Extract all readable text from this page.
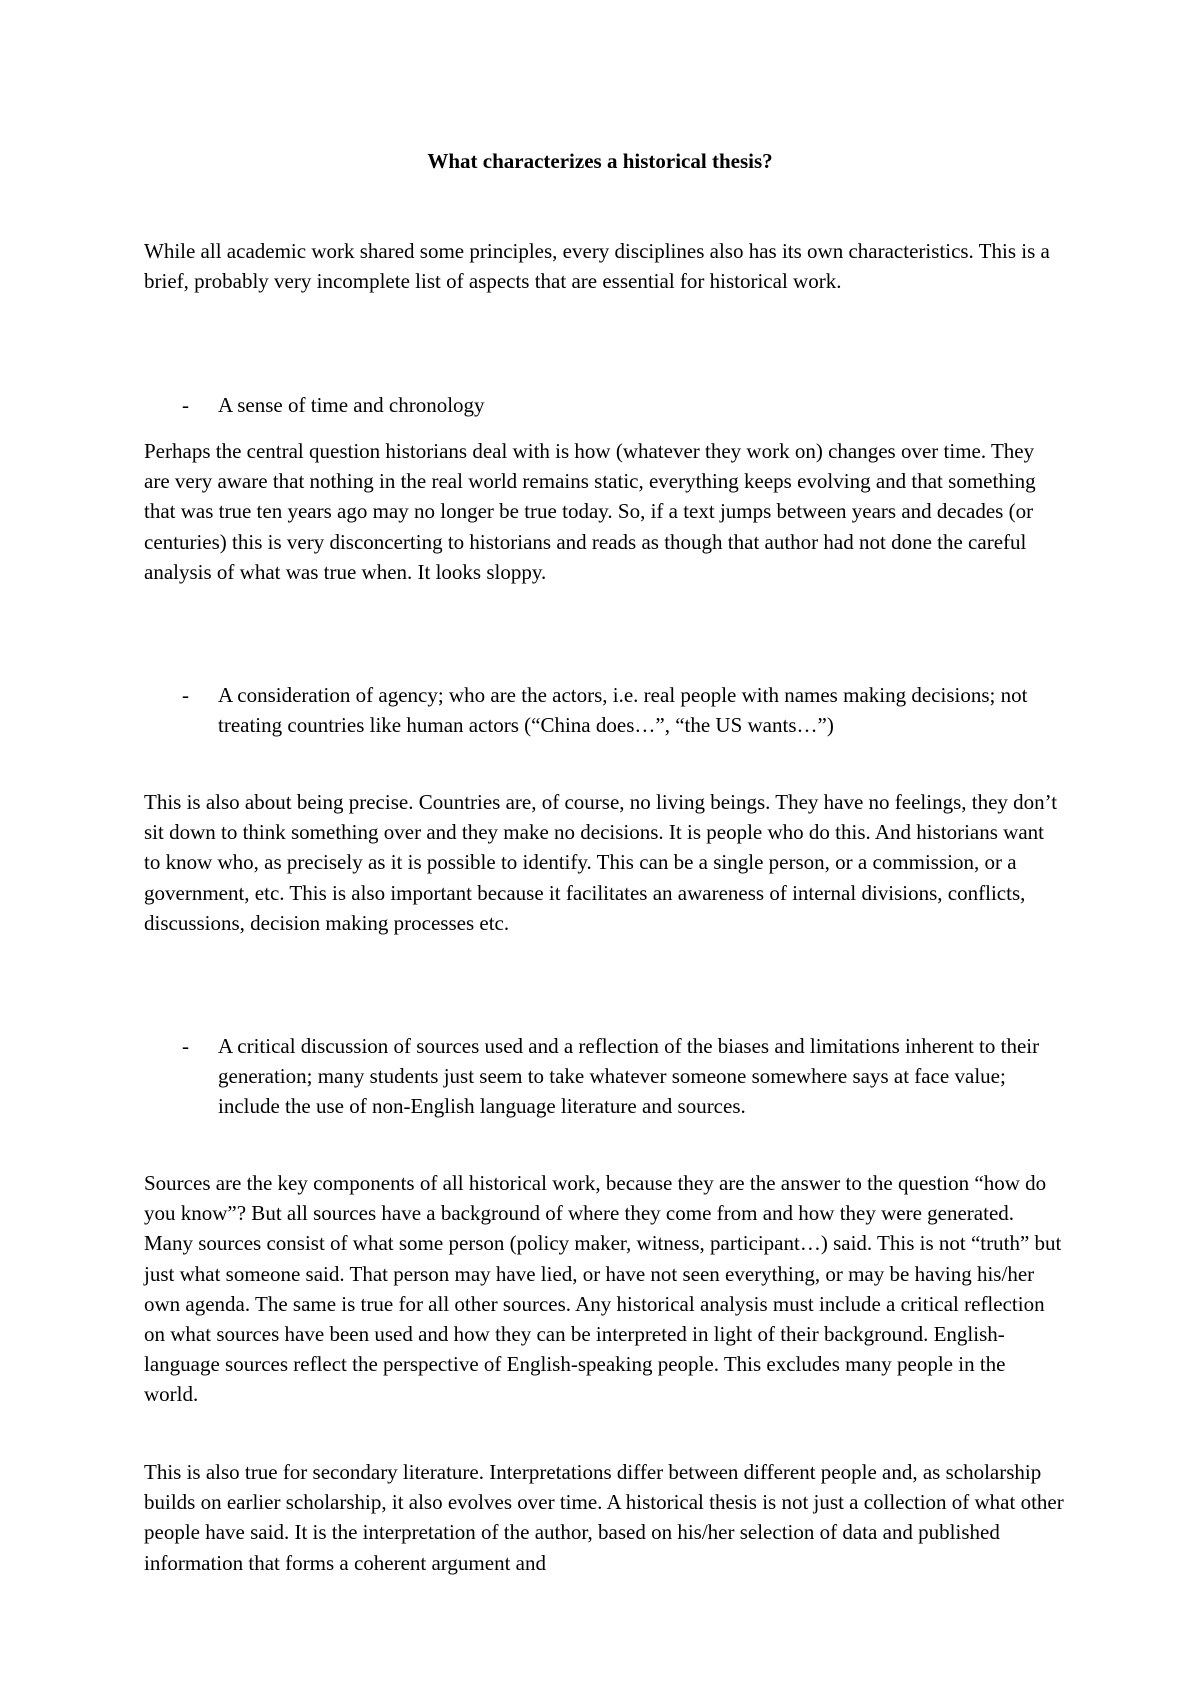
What characterizes a historical thesis?

While all academic work shared some principles, every disciplines also has its own characteristics. This is a brief, probably very incomplete list of aspects that are essential for historical work.

- A sense of time and chronology

Perhaps the central question historians deal with is how (whatever they work on) changes over time. They are very aware that nothing in the real world remains static, everything keeps evolving and that something that was true ten years ago may no longer be true today. So, if a text jumps between years and decades (or centuries) this is very disconcerting to historians and reads as though that author had not done the careful analysis of what was true when. It looks sloppy.

- A consideration of agency; who are the actors, i.e. real people with names making decisions; not treating countries like human actors (“China does…”, “the US wants…”)

This is also about being precise. Countries are, of course, no living beings. They have no feelings, they don’t sit down to think something over and they make no decisions. It is people who do this. And historians want to know who, as precisely as it is possible to identify. This can be a single person, or a commission, or a government, etc. This is also important because it facilitates an awareness of internal divisions, conflicts, discussions, decision making processes etc.

- A critical discussion of sources used and a reflection of the biases and limitations inherent to their generation; many students just seem to take whatever someone somewhere says at face value; include the use of non-English language literature and sources.

Sources are the key components of all historical work, because they are the answer to the question “how do you know”? But all sources have a background of where they come from and how they were generated. Many sources consist of what some person (policy maker, witness, participant…) said. This is not “truth” but just what someone said. That person may have lied, or have not seen everything, or may be having his/her own agenda. The same is true for all other sources. Any historical analysis must include a critical reflection on what sources have been used and how they can be interpreted in light of their background. English-language sources reflect the perspective of English-speaking people. This excludes many people in the world.

This is also true for secondary literature. Interpretations differ between different people and, as scholarship builds on earlier scholarship, it also evolves over time. A historical thesis is not just a collection of what other people have said. It is the interpretation of the author, based on his/her selection of data and published information that forms a coherent argument and
